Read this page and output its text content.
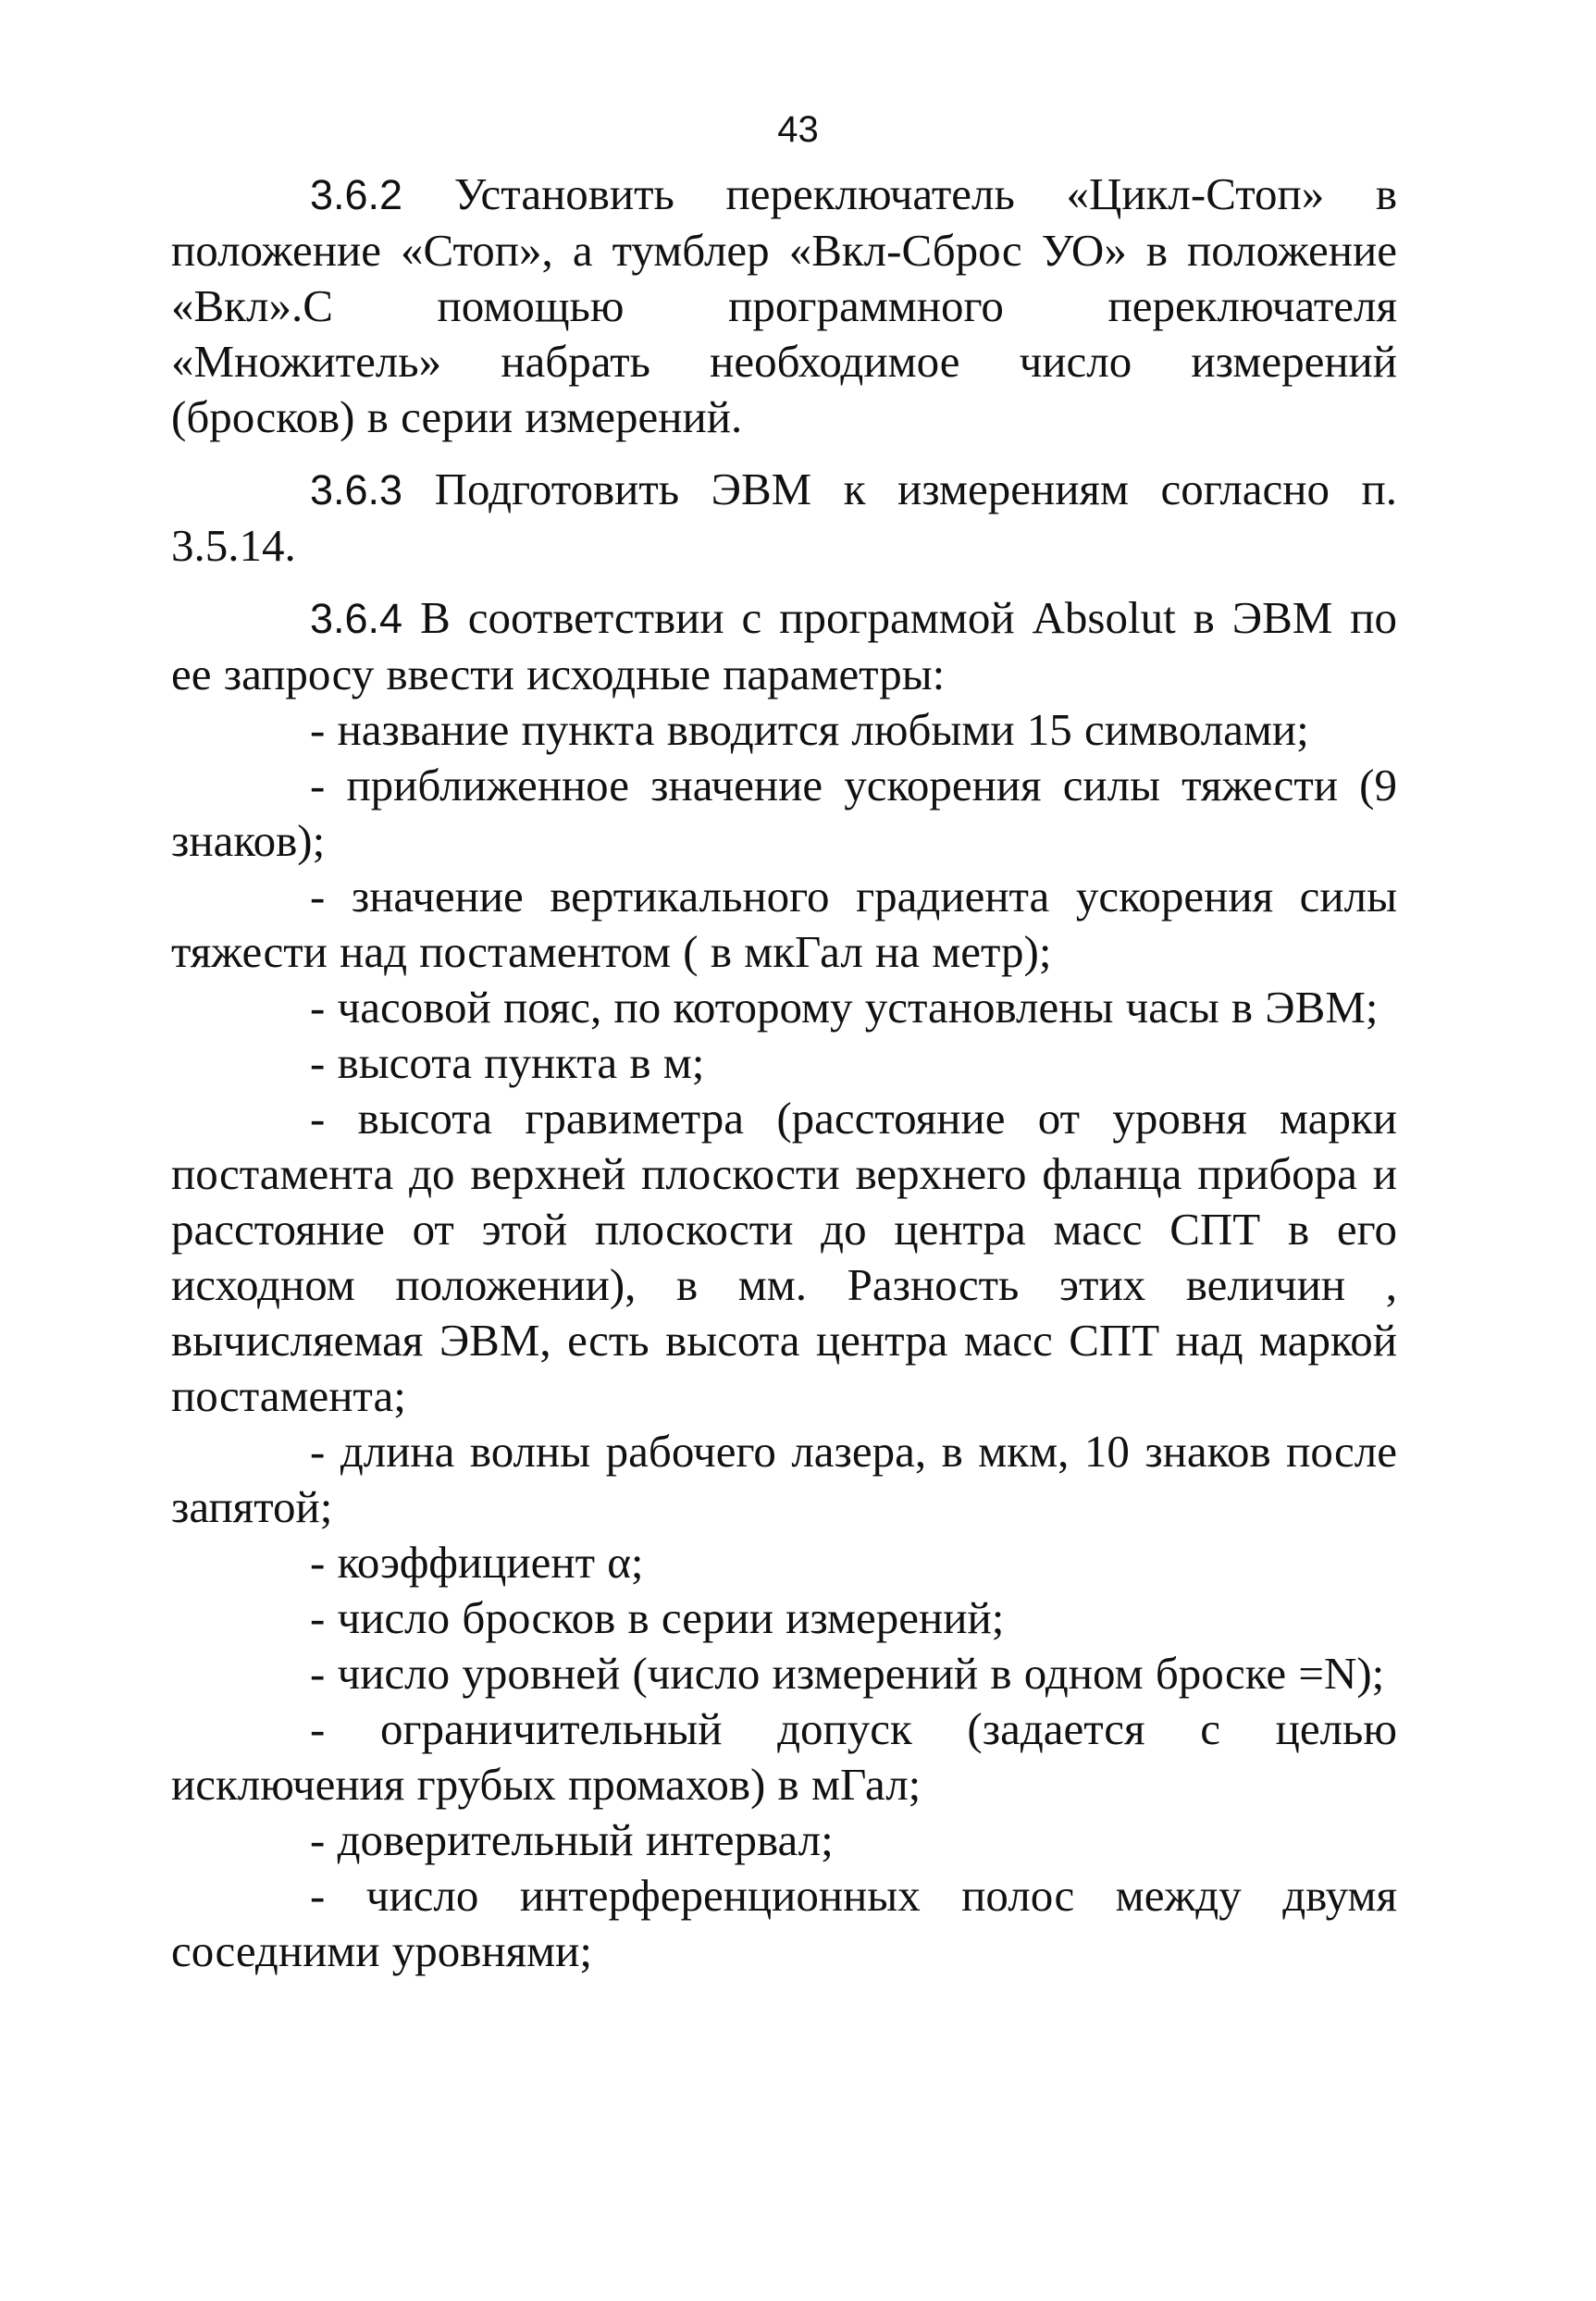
43

3.6.2 Установить переключатель «Цикл-Стоп» в положение «Стоп», а тумблер «Вкл-Сброс УО» в положение «Вкл».С помощью программного переключателя «Множитель» набрать необходимое число измерений (бросков) в серии измерений.

3.6.3 Подготовить ЭВМ к измерениям согласно п. 3.5.14.

3.6.4 В соответствии с программой Absolut в ЭВМ по ее запросу ввести исходные параметры:

- название пункта вводится любыми 15 символами;

- приближенное значение ускорения силы тяжести (9 знаков);

- значение вертикального градиента ускорения силы тяжести над постаментом ( в мкГал на метр);

- часовой пояс, по которому установлены часы в ЭВМ;

- высота пункта в м;

- высота гравиметра (расстояние от уровня марки постамента до верхней плоскости верхнего фланца прибора и расстояние от этой плоскости до центра масс СПТ в его исходном положении), в мм. Разность этих величин , вычисляемая ЭВМ, есть высота центра масс СПТ над маркой постамента;

- длина волны рабочего лазера, в мкм, 10 знаков после запятой;

- коэффициент α;

- число бросков в серии измерений;

- число уровней (число измерений в одном броске =N);

- ограничительный допуск (задается с целью исключения грубых промахов) в мГал;

- доверительный интервал;

- число интерференционных полос между двумя соседними уровнями;
